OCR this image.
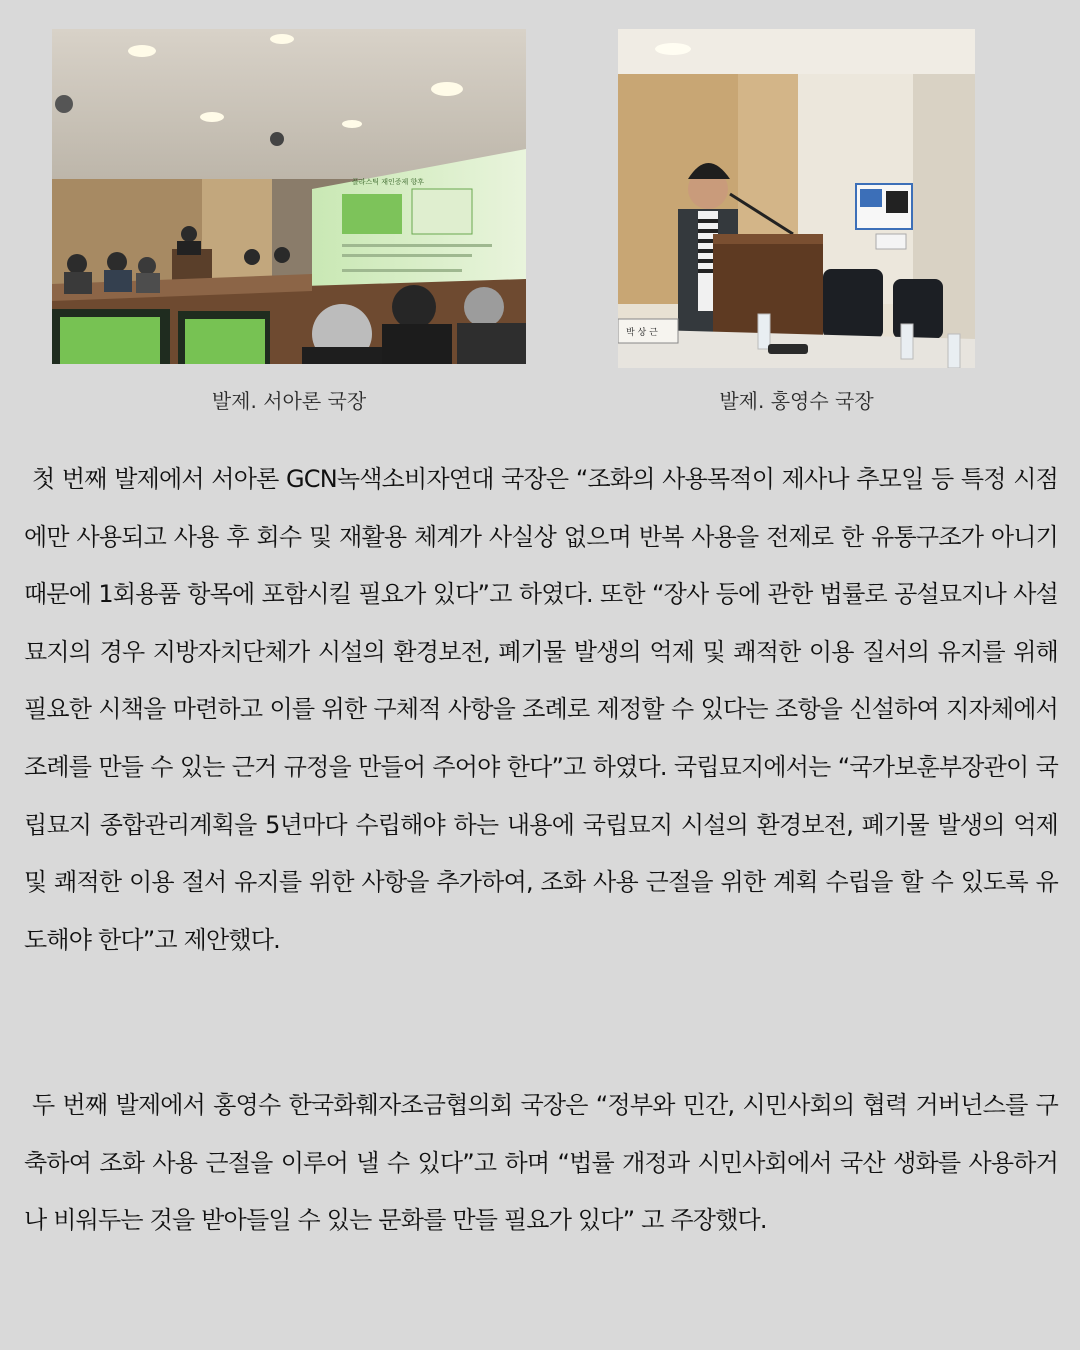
플라스틱 재인증제 향후
박 상 근
발제. 서아론 국장	발제. 홍영수 국장

첫 번째 발제에서 서아론 GCN녹색소비자연대 국장은 “조화의 사용목적이 제사나 추모일 등 특정 시점에만 사용되고 사용 후 회수 및 재활용 체계가 사실상 없으며 반복 사용을 전제로 한 유통구조가 아니기 때문에 1회용품 항목에 포함시킬 필요가 있다”고 하였다. 또한 “장사 등에 관한 법률로 공설묘지나 사설묘지의 경우 지방자치단체가 시설의 환경보전, 폐기물 발생의 억제 및 쾌적한 이용 질서의 유지를 위해 필요한 시책을 마련하고 이를 위한 구체적 사항을 조례로 제정할 수 있다는 조항을 신설하여 지자체에서 조례를 만들 수 있는 근거 규정을 만들어 주어야 한다”고 하였다. 국립묘지에서는 “국가보훈부장관이 국립묘지 종합관리계획을 5년마다 수립해야 하는 내용에 국립묘지 시설의 환경보전, 폐기물 발생의 억제 및 쾌적한 이용 절서 유지를 위한 사항을 추가하여, 조화 사용 근절을 위한 계획 수립을 할 수 있도록 유도해야 한다”고 제안했다.

두 번째 발제에서 홍영수 한국화훼자조금협의회 국장은 “정부와 민간, 시민사회의 협력 거버넌스를 구축하여 조화 사용 근절을 이루어 낼 수 있다”고 하며 “법률 개정과 시민사회에서 국산 생화를 사용하거나 비워두는 것을 받아들일 수 있는 문화를 만들 필요가 있다” 고 주장했다.
